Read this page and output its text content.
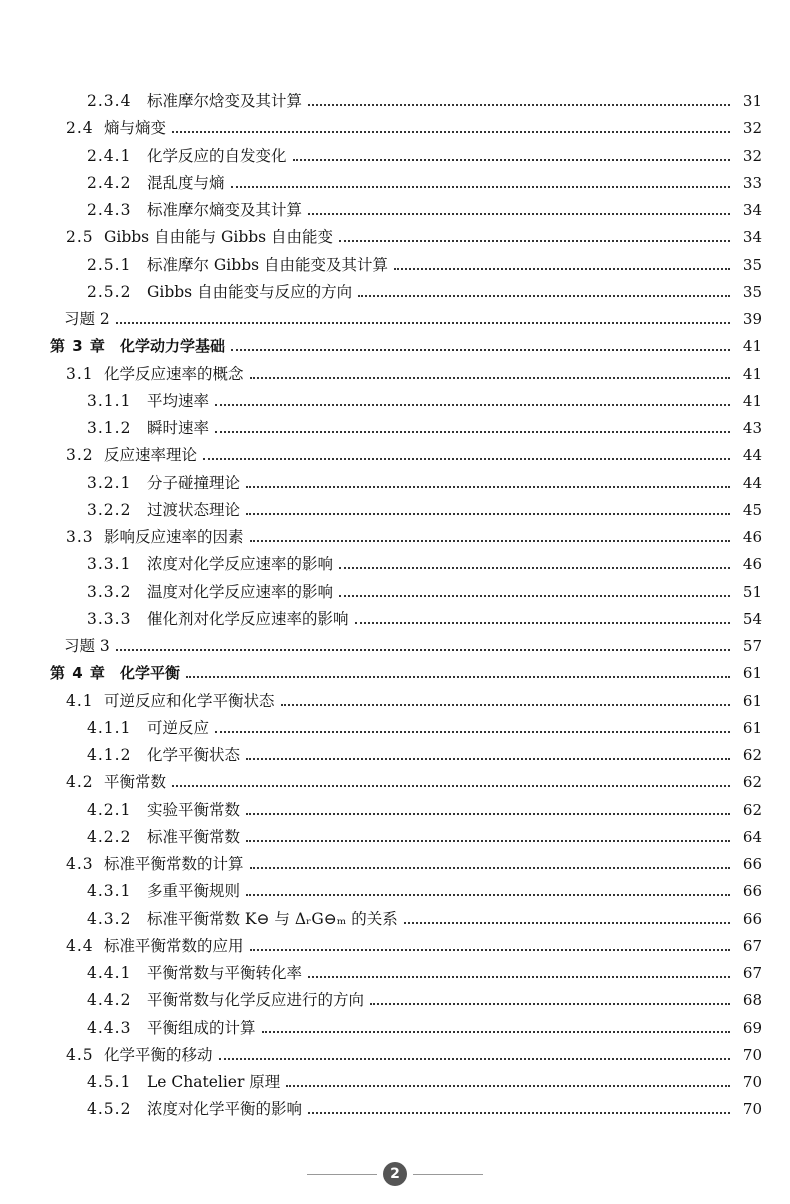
2.3.4	标准摩尔焓变及其计算	31
2.4 熵与熵变	32
2.4.1	化学反应的自发变化	32
2.4.2	混乱度与熵	33
2.4.3	标准摩尔熵变及其计算	34
2.5 Gibbs 自由能与 Gibbs 自由能变	34
2.5.1	标准摩尔 Gibbs 自由能变及其计算	35
2.5.2	Gibbs 自由能变与反应的方向	35
习题 2	39
第 3 章 化学动力学基础	41
3.1 化学反应速率的概念	41
3.1.1	平均速率	41
3.1.2	瞬时速率	43
3.2 反应速率理论	44
3.2.1	分子碰撞理论	44
3.2.2	过渡状态理论	45
3.3 影响反应速率的因素	46
3.3.1	浓度对化学反应速率的影响	46
3.3.2	温度对化学反应速率的影响	51
3.3.3	催化剂对化学反应速率的影响	54
习题 3	57
第 4 章 化学平衡	61
4.1 可逆反应和化学平衡状态	61
4.1.1	可逆反应	61
4.1.2	化学平衡状态	62
4.2 平衡常数	62
4.2.1	实验平衡常数	62
4.2.2	标准平衡常数	64
4.3 标准平衡常数的计算	66
4.3.1	多重平衡规则	66
4.3.2	标准平衡常数 K⊖ 与 ΔᵣG⊖ₘ 的关系	66
4.4 标准平衡常数的应用	67
4.4.1	平衡常数与平衡转化率	67
4.4.2	平衡常数与化学反应进行的方向	68
4.4.3	平衡组成的计算	69
4.5 化学平衡的移动	70
4.5.1	Le Chatelier 原理	70
4.5.2	浓度对化学平衡的影响	70
2
